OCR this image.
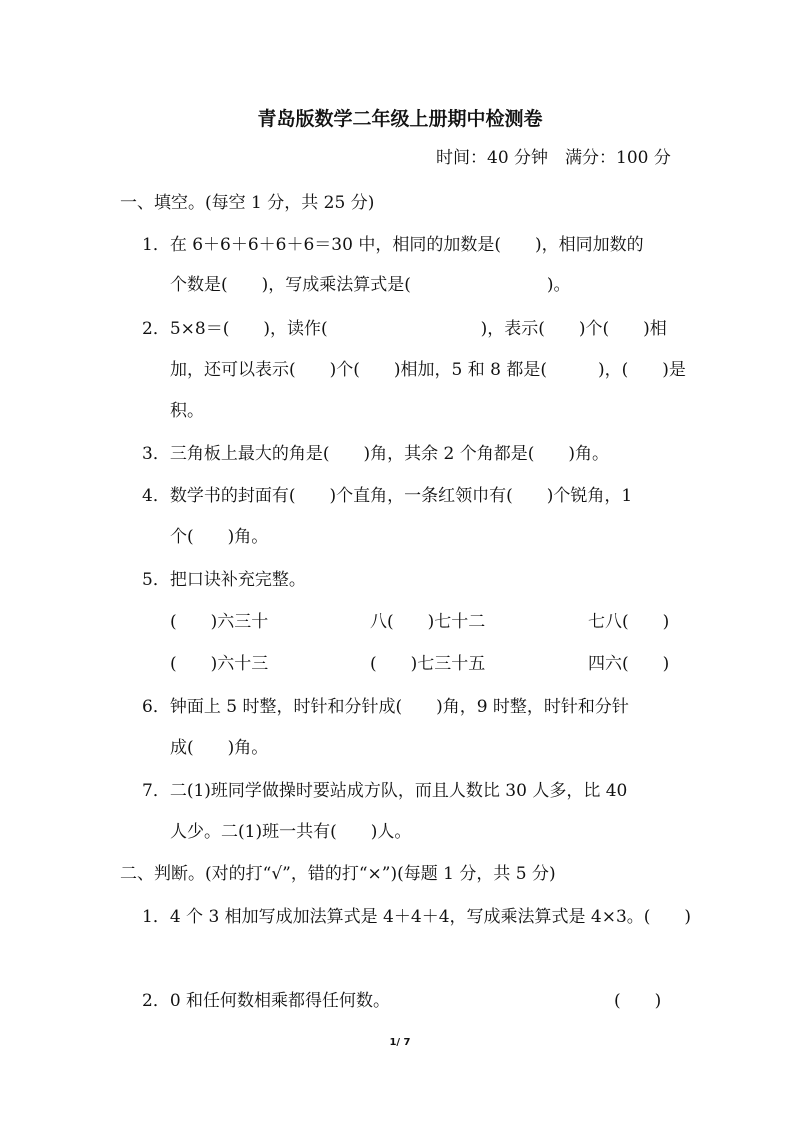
青岛版数学二年级上册期中检测卷
时间：40 分钟　满分：100 分
一、填空。(每空 1 分，共 25 分)
1．在 6＋6＋6＋6＋6＝30 中，相同的加数是(　　)，相同加数的
个数是(　　)，写成乘法算式是(　　　　　　　　)。
2．5×8＝(　　)，读作(　　　　　　　　　)，表示(　　)个(　　)相
加，还可以表示(　　)个(　　)相加，5 和 8 都是(　　　)，(　　)是
积。
3．三角板上最大的角是(　　)角，其余 2 个角都是(　　)角。
4．数学书的封面有(　　)个直角，一条红领巾有(　　)个锐角，1
个(　　)角。
5．把口诀补充完整。
(　　)六三十	八(　　)七十二	七八(　　)
(　　)六十三	(　　)七三十五	四六(　　)
6．钟面上 5 时整，时针和分针成(　　)角，9 时整，时针和分针
成(　　)角。
7．二(1)班同学做操时要站成方队，而且人数比 30 人多，比 40
人少。二(1)班一共有(　　)人。
二、判断。(对的打“√”，错的打“×”)(每题 1 分，共 5 分)
1．4 个 3 相加写成加法算式是 4＋4＋4，写成乘法算式是 4×3。(　　)
2．0 和任何数相乘都得任何数。	(　　)
1/ 7
